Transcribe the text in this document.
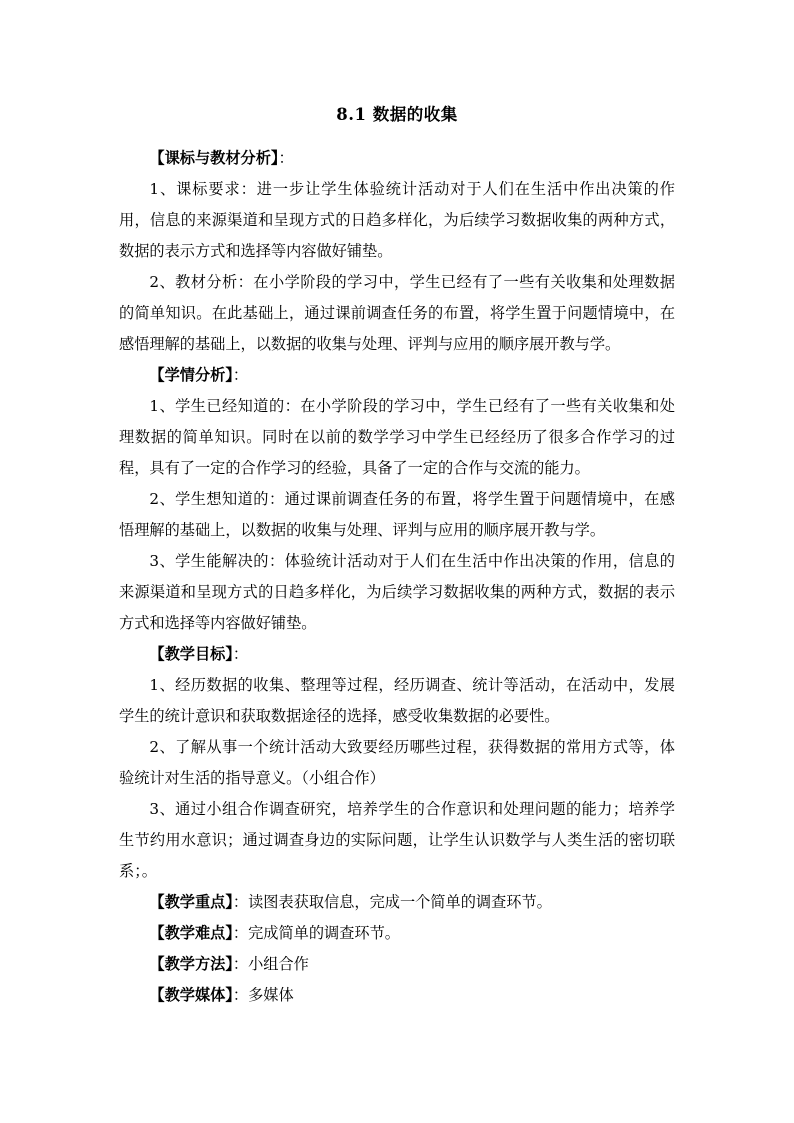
8.1 数据的收集

【课标与教材分析】：

1、课标要求：进一步让学生体验统计活动对于人们在生活中作出决策的作用，信息的来源渠道和呈现方式的日趋多样化，为后续学习数据收集的两种方式，数据的表示方式和选择等内容做好铺垫。

2、教材分析：在小学阶段的学习中，学生已经有了一些有关收集和处理数据的简单知识。在此基础上，通过课前调查任务的布置，将学生置于问题情境中，在感悟理解的基础上，以数据的收集与处理、评判与应用的顺序展开教与学。

【学情分析】：

1、学生已经知道的：在小学阶段的学习中，学生已经有了一些有关收集和处理数据的简单知识。同时在以前的数学学习中学生已经经历了很多合作学习的过程，具有了一定的合作学习的经验，具备了一定的合作与交流的能力。

2、学生想知道的：通过课前调查任务的布置，将学生置于问题情境中，在感悟理解的基础上，以数据的收集与处理、评判与应用的顺序展开教与学。

3、学生能解决的：体验统计活动对于人们在生活中作出决策的作用，信息的来源渠道和呈现方式的日趋多样化，为后续学习数据收集的两种方式，数据的表示方式和选择等内容做好铺垫。

【教学目标】：

1、经历数据的收集、整理等过程，经历调查、统计等活动，在活动中，发展学生的统计意识和获取数据途径的选择，感受收集数据的必要性。

2、了解从事一个统计活动大致要经历哪些过程，获得数据的常用方式等，体验统计对生活的指导意义。（小组合作）

3、通过小组合作调查研究，培养学生的合作意识和处理问题的能力；培养学生节约用水意识；通过调查身边的实际问题，让学生认识数学与人类生活的密切联系；。

【教学重点】：读图表获取信息，完成一个简单的调查环节。

【教学难点】：完成简单的调查环节。

【教学方法】：小组合作

【教学媒体】：多媒体
